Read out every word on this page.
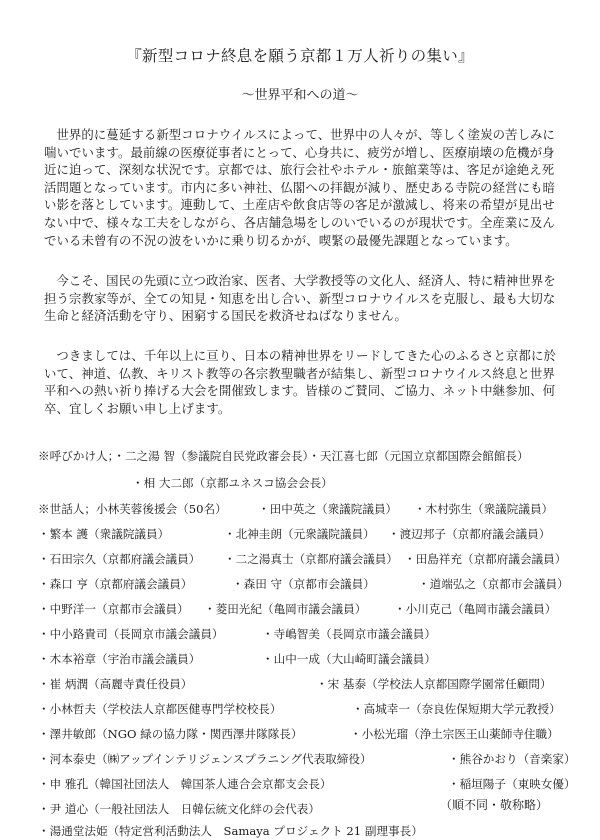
『新型コロナ終息を願う京都１万人祈りの集い』
〜世界平和への道〜

世界的に蔓延する新型コロナウイルスによって、世界中の人々が、等しく塗炭の苦しみに喘いでいます。最前線の医療従事者にとって、心身共に、疲労が増し、医療崩壊の危機が身近に迫って、深刻な状況です。京都では、旅行会社やホテル・旅館業等は、客足が途絶え死活問題となっています。市内に多い神社、仏閣への拝観が減り、歴史ある寺院の経営にも暗い影を落としています。連動して、土産店や飲食店等の客足が激減し、将来の希望が見出せない中で、様々な工夫をしながら、各店舗急場をしのいでいるのが現状です。全産業に及んでいる未曾有の不況の波をいかに乗り切るかが、喫緊の最優先課題となっています。

今こそ、国民の先頭に立つ政治家、医者、大学教授等の文化人、経済人、特に精神世界を担う宗教家等が、全ての知見・知恵を出し合い、新型コロナウイルスを克服し、最も大切な生命と経済活動を守り、困窮する国民を救済せねばなりません。

つきましては、千年以上に亘り、日本の精神世界をリードしてきた心のふるさと京都に於いて、神道、仏教、キリスト教等の各宗教聖職者が結集し、新型コロナウイルス終息と世界平和への熱い祈り捧げる大会を開催致します。皆様のご賛同、ご協力、ネット中継参加、何卒、宜しくお願い申し上げます。

※呼びかけ人；・二之湯 智（参議院自民党政審会長）・天江喜七郎（元国立京都国際会館館長）
・相 大二郎（京都ユネスコ協会会長）
※世話人；小林芙蓉後援会（50名）	・田中英之（衆議院議員） ・木村弥生（衆議院議員）
・繁本 護（衆議院議員）	・北神圭朗（元衆議院議員） ・渡辺邦子（京都府議会議員）
・石田宗久（京都府議会議員） ・二之湯真士（京都府議会議員） ・田島祥充（京都府議会議員）
・森口 亨（京都府議会議員）	・森田 守（京都市会議員）	・道端弘之（京都市会議員）
・中野洋一（京都市会議員） ・菱田光紀（亀岡市議会議員） ・小川克己（亀岡市議会議員）
・中小路貴司（長岡京市議会議員）	・寺嶋智美（長岡京市議会議員）
・木本裕章（宇治市議会議員）	・山中一成（大山崎町議会議員）
・崔 炳潤（高麗寺責任役員）	・宋 基泰（学校法人京都国際学園常任顧問）
・小林哲夫（学校法人京都医健専門学校校長）	・高城幸一（奈良佐保短期大学元教授）
・澤井敏郎（NGO 緑の協力隊・関西澤井隊隊長）	・小松光瑠（浄土宗医王山薬師寺住職）
・河本泰史（㈱アップインテリジェンスプラニング代表取締役）	・熊谷かおり（音楽家）
・申 雅孔（韓国社団法人　韓国茶人連合会京都支会長）	・稲垣陽子（東映女優）
・尹 道心（一般社団法人　日韓伝統文化絆の会代表）
・湯通堂法姫（特定営利活動法人　Samaya プロジェクト 21 副理事長）
（順不同・敬称略）
